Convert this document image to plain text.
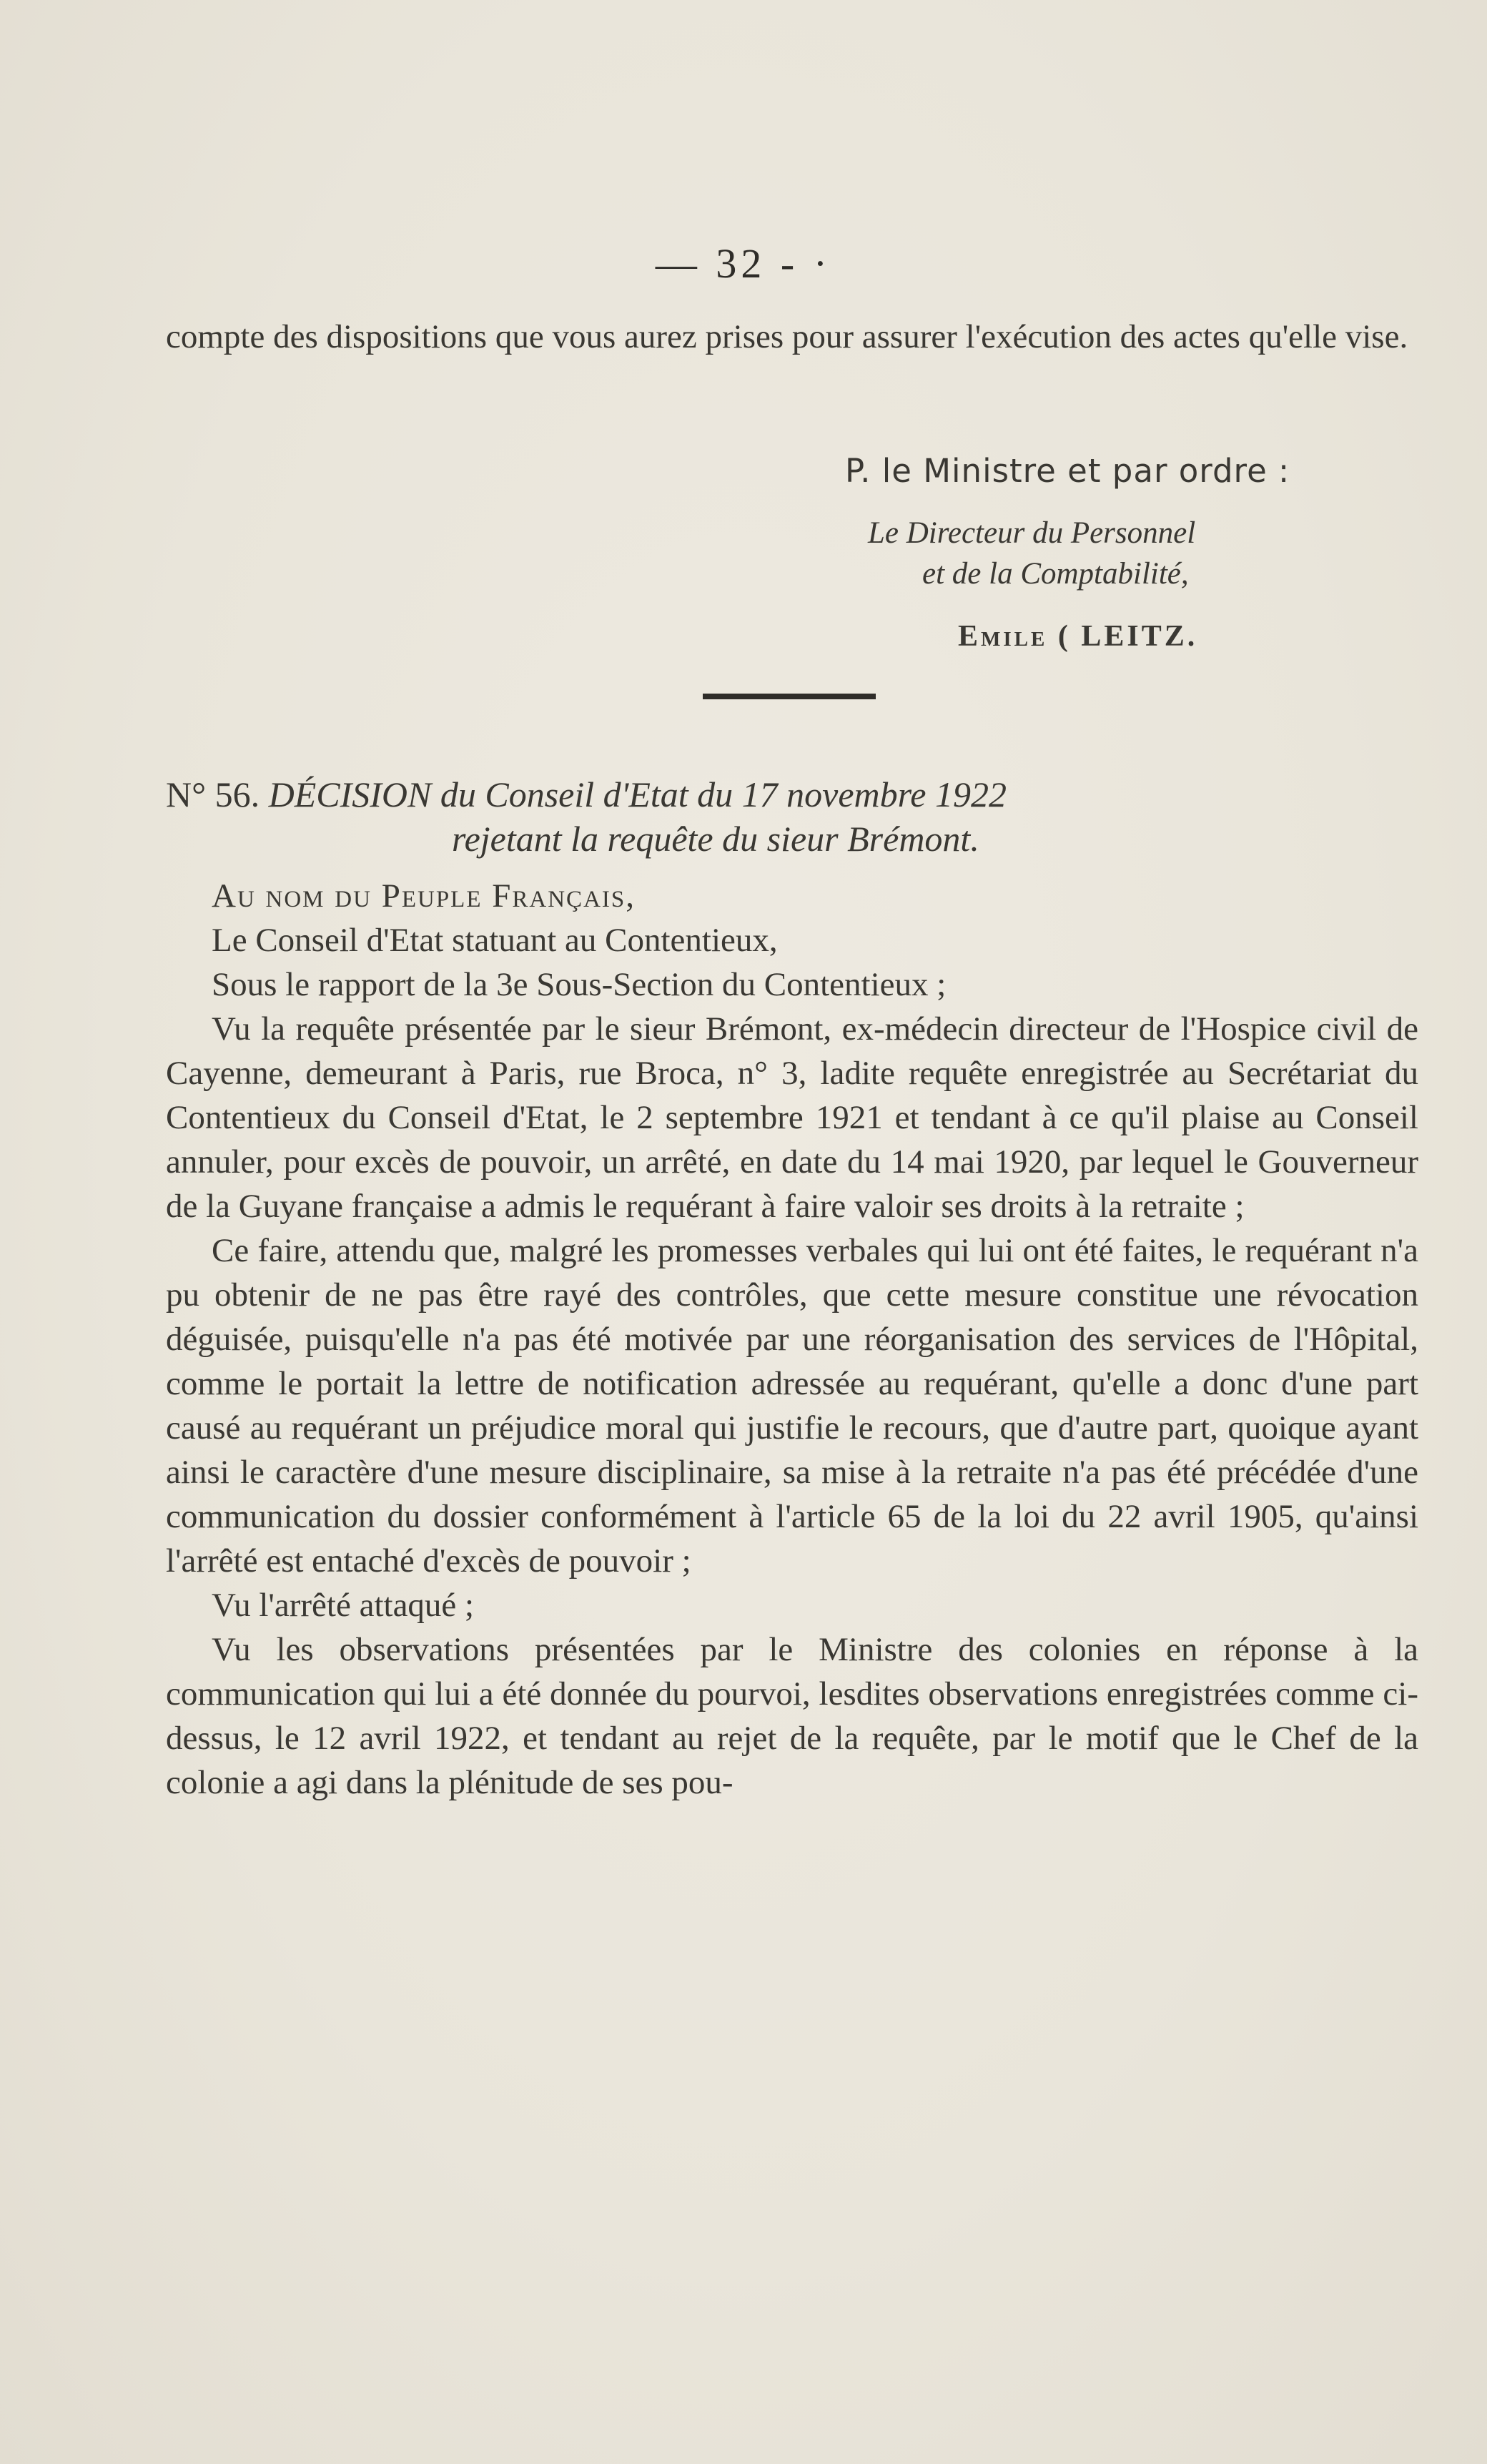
— 32 - ·

compte des dispositions que vous aurez prises pour assurer l'exécution des actes qu'elle vise.

P. le Ministre et par ordre :
Le Directeur du Personnel
et de la Comptabilité,
Emile ( LEITZ.
N° 56. DÉCISION du Conseil d'Etat du 17 novembre 1922
rejetant la requête du sieur Brémont.

Au nom du Peuple Français,

Le Conseil d'Etat statuant au Contentieux,

Sous le rapport de la 3e Sous-Section du Contentieux ;

Vu la requête présentée par le sieur Brémont, ex-médecin directeur de l'Hospice civil de Cayenne, demeurant à Paris, rue Broca, n° 3, ladite requête enregistrée au Secrétariat du Contentieux du Conseil d'Etat, le 2 septembre 1921 et tendant à ce qu'il plaise au Conseil annuler, pour excès de pouvoir, un arrêté, en date du 14 mai 1920, par lequel le Gouverneur de la Guyane française a admis le requérant à faire valoir ses droits à la retraite ;

Ce faire, attendu que, malgré les promesses verbales qui lui ont été faites, le requérant n'a pu obtenir de ne pas être rayé des contrôles, que cette mesure constitue une révocation déguisée, puisqu'elle n'a pas été motivée par une réorganisation des services de l'Hôpital, comme le portait la lettre de notification adressée au requérant, qu'elle a donc d'une part causé au requérant un préjudice moral qui justifie le recours, que d'autre part, quoique ayant ainsi le caractère d'une mesure disciplinaire, sa mise à la retraite n'a pas été précédée d'une communication du dossier conformément à l'article 65 de la loi du 22 avril 1905, qu'ainsi l'arrêté est entaché d'excès de pouvoir ;

Vu l'arrêté attaqué ;

Vu les observations présentées par le Ministre des colonies en réponse à la communication qui lui a été donnée du pourvoi, lesdites observations enregistrées comme ci-dessus, le 12 avril 1922, et tendant au rejet de la requête, par le motif que le Chef de la colonie a agi dans la plénitude de ses pou-
